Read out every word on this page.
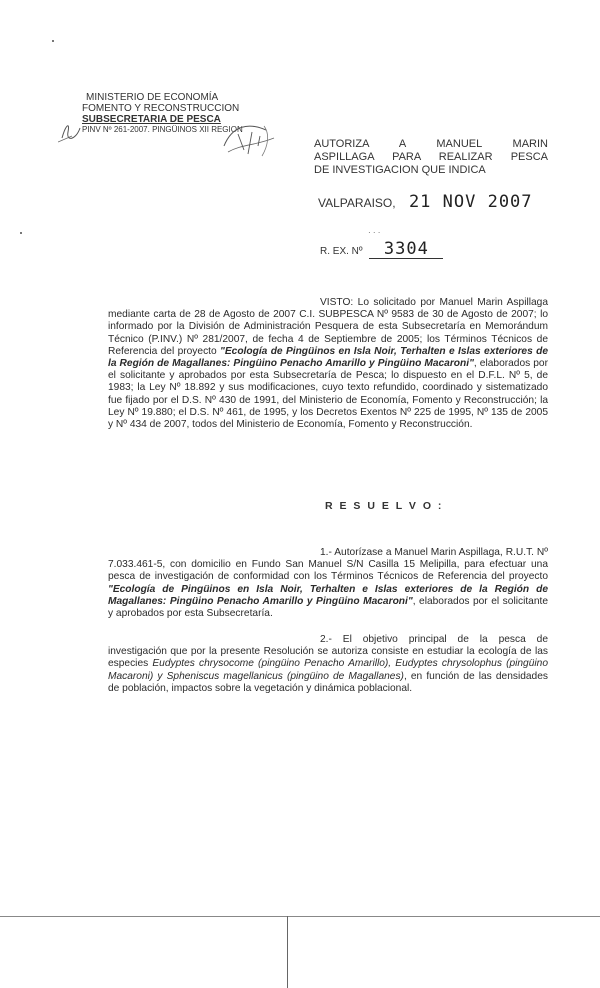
MINISTERIO DE ECONOMÍA
FOMENTO Y RECONSTRUCCION
SUBSECRETARIA DE PESCA
PINV Nº 261-2007. PINGÜINOS XII REGION
AUTORIZA A MANUEL MARIN
ASPILLAGA PARA REALIZAR PESCA
DE INVESTIGACION QUE INDICA
VALPARAISO, 21 NOV 2007
· · ·
R. EX. Nº 3304
VISTO: Lo solicitado por Manuel Marin Aspillaga mediante carta de 28 de Agosto de 2007 C.I. SUBPESCA Nº 9583 de 30 de Agosto de 2007; lo informado por la División de Administración Pesquera de esta Subsecretaría en Memorándum Técnico (P.INV.) Nº 281/2007, de fecha 4 de Septiembre de 2005; los Términos Técnicos de Referencia del proyecto "Ecología de Pingüinos en Isla Noir, Terhalten e Islas exteriores de la Región de Magallanes: Pingüino Penacho Amarillo y Pingüino Macaroni", elaborados por el solicitante y aprobados por esta Subsecretaría de Pesca; lo dispuesto en el D.F.L. Nº 5, de 1983; la Ley Nº 18.892 y sus modificaciones, cuyo texto refundido, coordinado y sistematizado fue fijado por el D.S. Nº 430 de 1991, del Ministerio de Economía, Fomento y Reconstrucción; la Ley Nº 19.880; el D.S. Nº 461, de 1995, y los Decretos Exentos Nº 225 de 1995, Nº 135 de 2005 y Nº 434 de 2007, todos del Ministerio de Economía, Fomento y Reconstrucción.
R E S U E L V O :
1.- Autorízase a Manuel Marin Aspillaga, R.U.T. Nº 7.033.461-5, con domicilio en Fundo San Manuel S/N Casilla 15 Melipilla, para efectuar una pesca de investigación de conformidad con los Términos Técnicos de Referencia del proyecto "Ecología de Pingüinos en Isla Noir, Terhalten e Islas exteriores de la Región de Magallanes: Pingüino Penacho Amarillo y Pingüino Macaroni", elaborados por el solicitante y aprobados por esta Subsecretaría.
2.- El objetivo principal de la pesca de investigación que por la presente Resolución se autoriza consiste en estudiar la ecología de las especies Eudyptes chrysocome (pingüino Penacho Amarillo), Eudyptes chrysolophus (pingüino Macaroni) y Spheniscus magellanicus (pingüino de Magallanes), en función de las densidades de población, impactos sobre la vegetación y dinámica poblacional.
